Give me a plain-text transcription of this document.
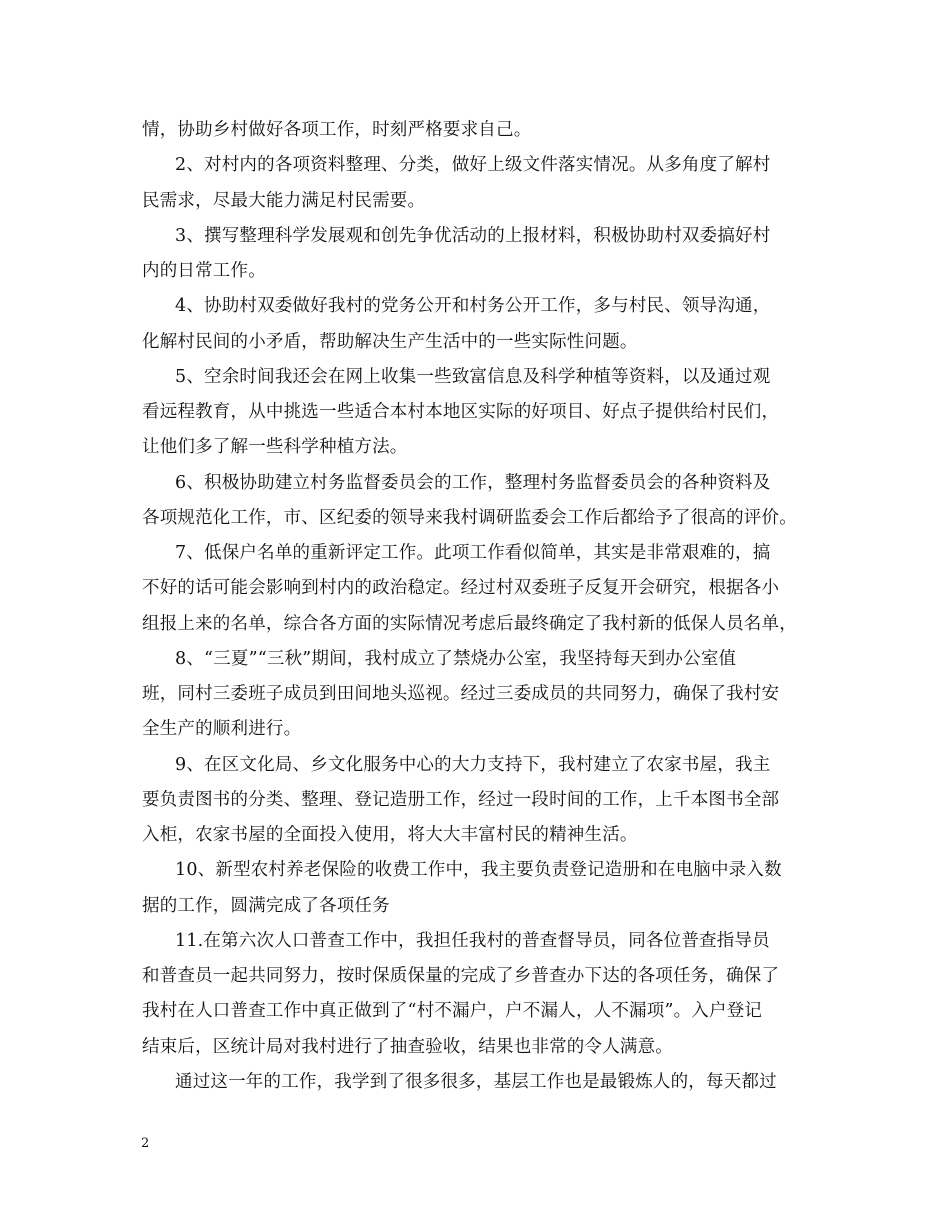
情，协助乡村做好各项工作，时刻严格要求自己。
2、对村内的各项资料整理、分类，做好上级文件落实情况。从多角度了解村
民需求，尽最大能力满足村民需要。
3、撰写整理科学发展观和创先争优活动的上报材料，积极协助村双委搞好村
内的日常工作。
4、协助村双委做好我村的党务公开和村务公开工作，多与村民、领导沟通，
化解村民间的小矛盾，帮助解决生产生活中的一些实际性问题。
5、空余时间我还会在网上收集一些致富信息及科学种植等资料，以及通过观
看远程教育，从中挑选一些适合本村本地区实际的好项目、好点子提供给村民们，
让他们多了解一些科学种植方法。
6、积极协助建立村务监督委员会的工作，整理村务监督委员会的各种资料及
各项规范化工作，市、区纪委的领导来我村调研监委会工作后都给予了很高的评价。
7、低保户名单的重新评定工作。此项工作看似简单，其实是非常艰难的，搞
不好的话可能会影响到村内的政治稳定。经过村双委班子反复开会研究，根据各小
组报上来的名单，综合各方面的实际情况考虑后最终确定了我村新的低保人员名单，
8、“三夏”“三秋”期间，我村成立了禁烧办公室，我坚持每天到办公室值
班，同村三委班子成员到田间地头巡视。经过三委成员的共同努力，确保了我村安
全生产的顺利进行。
9、在区文化局、乡文化服务中心的大力支持下，我村建立了农家书屋，我主
要负责图书的分类、整理、登记造册工作，经过一段时间的工作，上千本图书全部
入柜，农家书屋的全面投入使用，将大大丰富村民的精神生活。
10、新型农村养老保险的收费工作中，我主要负责登记造册和在电脑中录入数
据的工作，圆满完成了各项任务
11.在第六次人口普查工作中，我担任我村的普查督导员，同各位普查指导员
和普查员一起共同努力，按时保质保量的完成了乡普查办下达的各项任务，确保了
我村在人口普查工作中真正做到了“村不漏户，户不漏人，人不漏项”。入户登记
结束后，区统计局对我村进行了抽查验收，结果也非常的令人满意。
通过这一年的工作，我学到了很多很多，基层工作也是最锻炼人的，每天都过
2
